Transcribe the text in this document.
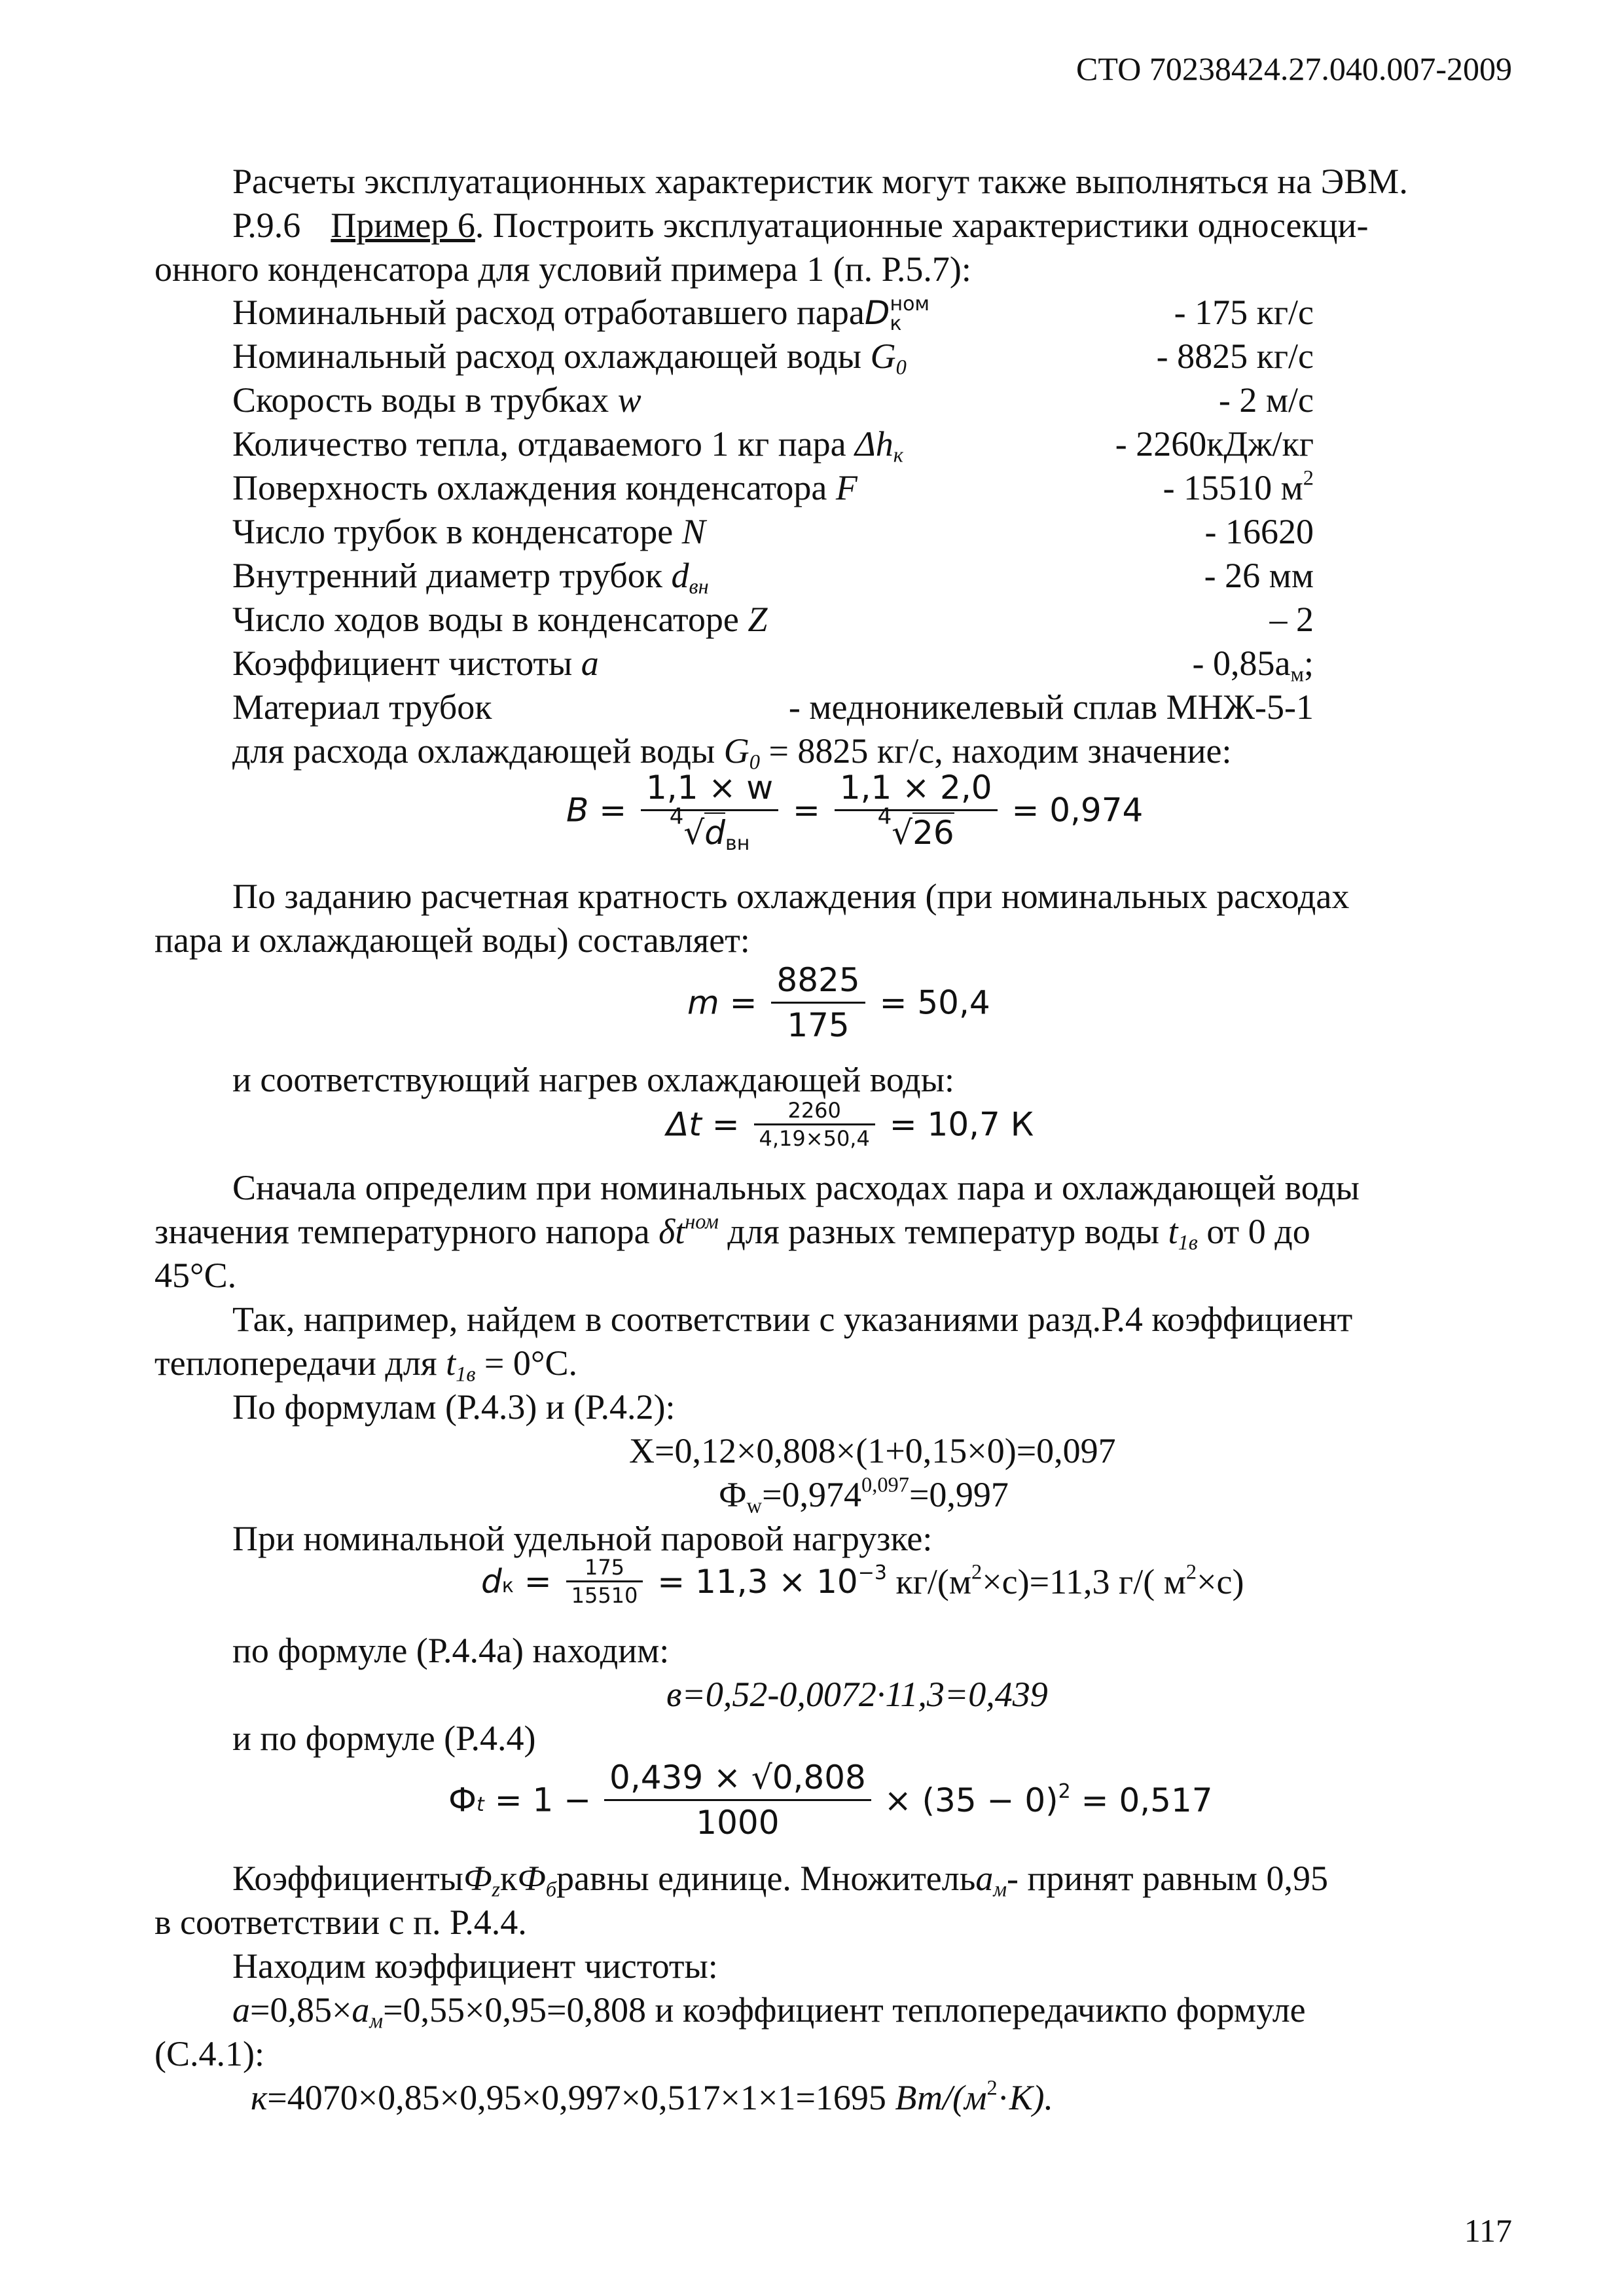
СТО 70238424.27.040.007-2009
Расчеты эксплуатационных характеристик могут также выполняться на ЭВМ.
Р.9.6 Пример 6. Построить эксплуатационные характеристики односекци-
онного конденсатора для условий примера 1 (п. Р.5.7):
Номинальный расход отработавшего параD$_к^{ном}$	- 175 кг/с
Номинальный расход охлаждающей воды $G_0$	- 8825 кг/с
Скорость воды в трубках w	- 2 м/с
Количество тепла, отдаваемого 1 кг пара $\Delta h_к$	- 2260кДж/кг
Поверхность охлаждения конденсатора F	- 15510 $м^2$
Число трубок в конденсаторе N	- 16620
Внутренний диаметр трубок $d_{вн}$	- 26 мм
Число ходов воды в конденсаторе Z	– 2
Коэффициент чистоты а	- $0,85а_м$;
Материал трубок	- медноникелевый сплав МНЖ-5-1
для расхода охлаждающей воды $G_0 = 8825$ кг/с, находим значение:
$B = \frac{1,1 \times w}{^4√d_{вн}} = \frac{1,1 \times 2,0}{^4√26} = 0,974$
По заданию расчетная кратность охлаждения (при номинальных расходах
пара и охлаждающей воды) составляет:
$m = \frac{8825}{175} = 50,4$
и соответствующий нагрев охлаждающей воды:
$\Delta t = \frac{2260}{4,19\times 50,4} = 10,7$ К
Сначала определим при номинальных расходах пара и охлаждающей воды
значения температурного напора $\delta t^{ном}$ для разных температур воды $t_{1в}$ от 0 до
45°С.
Так, например, найдем в соответствии с указаниями разд.Р.4 коэффициент
теплопередачи для $t_{1в} = 0^\circ С$.
По формулам (Р.4.3) и (Р.4.2):
Х=0,12×0,808×(1+0,15×0)=0,097
$Ф_w=0,974^{0,097}=0,997$
При номинальной удельной паровой нагрузке:
$d_к = \frac{175}{15510} = 11,3 \times 10^{-3}$ $кг/(м^2\times с)=11,3$ г/( $м^2\times с$)
по формуле (Р.4.4а) находим:
в=0,52-0,0072·11,3=0,439
и по формуле (Р.4.4)
$Ф_t = 1 - \frac{0,439 \times √0,808}{1000} \times (35 - 0)^2 = 0,517$
$КоэффициентыФ_zкФ_бравны$ единице. Множительа$_м$- принят равным 0,95
в соответствии с п. Р.4.4.
Находим коэффициент чистоты:
$а=0,85\times а_м=0,55\times 0,95=0,808$ и коэффициент теплопередачикпо формуле
(С.4.1):
к=4070×0,85×0,95×0,997×0,517×1×1=1695 $Вт/(м^2\cdot К)$.
117
